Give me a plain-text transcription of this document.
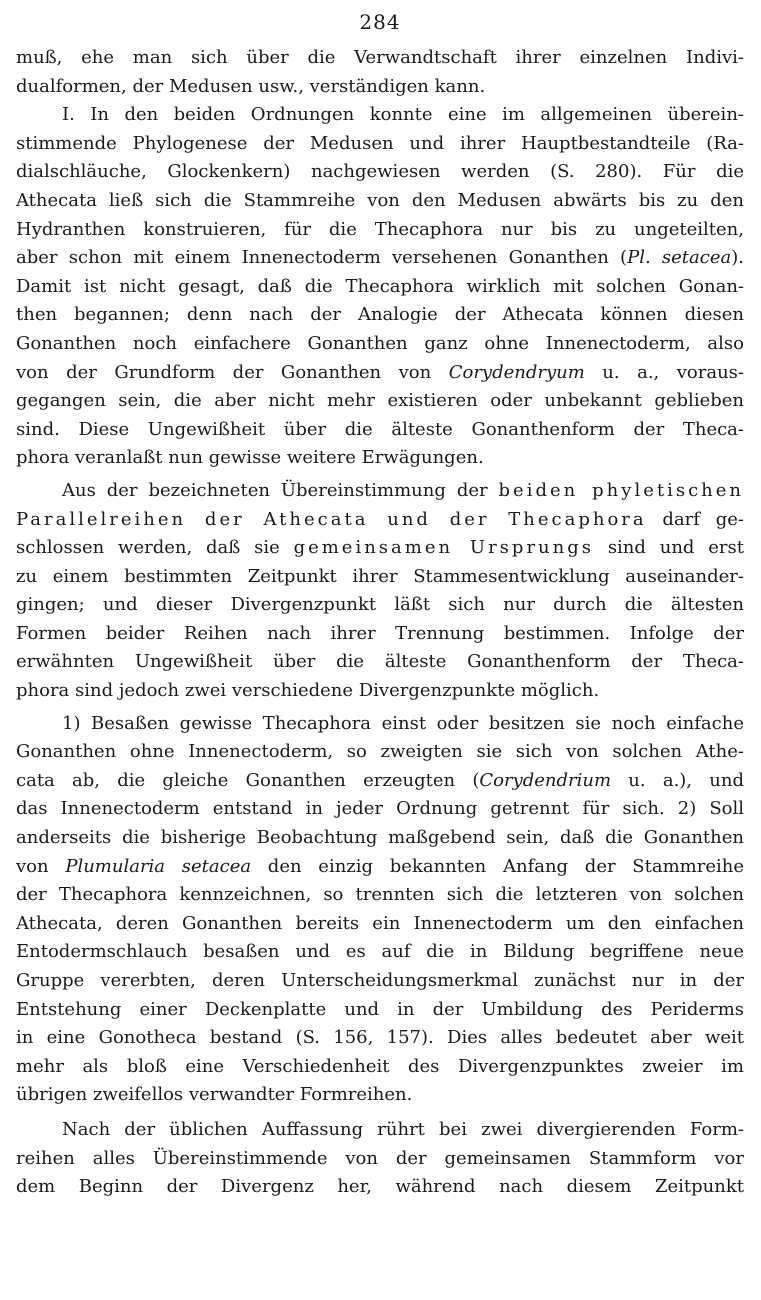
284

muß, ehe man sich über die Verwandtschaft ihrer einzelnen Indivi-
dualformen, der Medusen usw., verständigen kann.

I. In den beiden Ordnungen konnte eine im allgemeinen überein-
stimmende Phylogenese der Medusen und ihrer Hauptbestandteile (Ra-
dialschläuche, Glockenkern) nachgewiesen werden (S. 280). Für die
Athecata ließ sich die Stammreihe von den Medusen abwärts bis zu den
Hydranthen konstruieren, für die Thecaphora nur bis zu ungeteilten,
aber schon mit einem Innenectoderm versehenen Gonanthen (Pl. setacea).
Damit ist nicht gesagt, daß die Thecaphora wirklich mit solchen Gonan-
then begannen; denn nach der Analogie der Athecata können diesen
Gonanthen noch einfachere Gonanthen ganz ohne Innenectoderm, also
von der Grundform der Gonanthen von Corydendryum u. a., voraus-
gegangen sein, die aber nicht mehr existieren oder unbekannt geblieben
sind. Diese Ungewißheit über die älteste Gonanthenform der Theca-
phora veranlaßt nun gewisse weitere Erwägungen.

Aus der bezeichneten Übereinstimmung der beiden phyletischen
Parallelreihen der Athecata und der Thecaphora darf ge-
schlossen werden, daß sie gemeinsamen Ursprungs sind und erst
zu einem bestimmten Zeitpunkt ihrer Stammesentwicklung auseinander-
gingen; und dieser Divergenzpunkt läßt sich nur durch die ältesten
Formen beider Reihen nach ihrer Trennung bestimmen. Infolge der
erwähnten Ungewißheit über die älteste Gonanthenform der Theca-
phora sind jedoch zwei verschiedene Divergenzpunkte möglich.

1) Besaßen gewisse Thecaphora einst oder besitzen sie noch einfache
Gonanthen ohne Innenectoderm, so zweigten sie sich von solchen Athe-
cata ab, die gleiche Gonanthen erzeugten (Corydendrium u. a.), und
das Innenectoderm entstand in jeder Ordnung getrennt für sich. 2) Soll
anderseits die bisherige Beobachtung maßgebend sein, daß die Gonanthen
von Plumularia setacea den einzig bekannten Anfang der Stammreihe
der Thecaphora kennzeichnen, so trennten sich die letzteren von solchen
Athecata, deren Gonanthen bereits ein Innenectoderm um den einfachen
Entodermschlauch besaßen und es auf die in Bildung begriffene neue
Gruppe vererbten, deren Unterscheidungsmerkmal zunächst nur in der
Entstehung einer Deckenplatte und in der Umbildung des Periderms
in eine Gonotheca bestand (S. 156, 157). Dies alles bedeutet aber weit
mehr als bloß eine Verschiedenheit des Divergenzpunktes zweier im
übrigen zweifellos verwandter Formreihen.

Nach der üblichen Auffassung rührt bei zwei divergierenden Form-
reihen alles Übereinstimmende von der gemeinsamen Stammform vor
dem Beginn der Divergenz her, während nach diesem Zeitpunkt
